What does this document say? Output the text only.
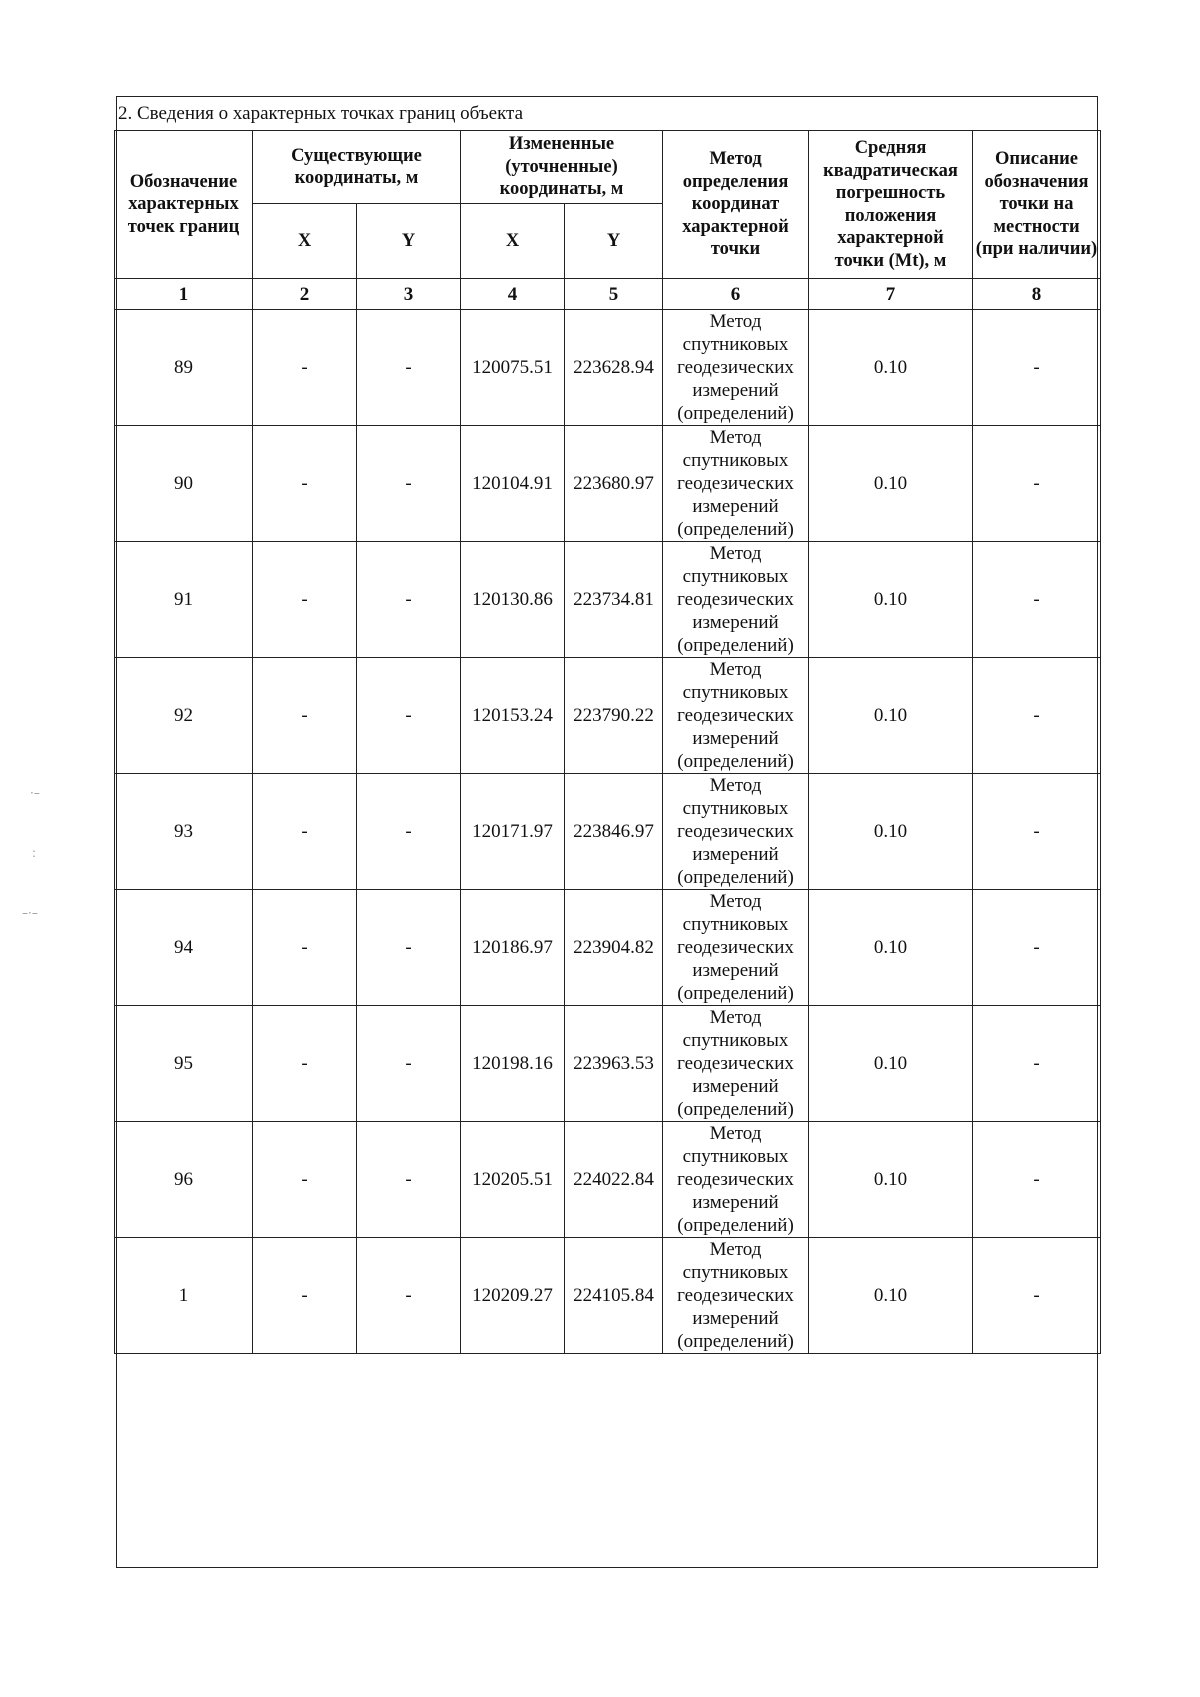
2. Сведения о характерных точках границ объекта
Обозначение характерных точек границ	Существующие координаты, м		Измененные (уточненные) координаты, м		Метод определения координат характерной точки	Средняя квадратическая погрешность положения характерной точки (Mt), м	Описание обозначения точки на местности (при наличии)
	X	Y	X	Y			
1	2	3	4	5	6	7	8
89	-	-	120075.51	223628.94	Метод спутниковых геодезических измерений (определений)	0.10	-
90	-	-	120104.91	223680.97	Метод спутниковых геодезических измерений (определений)	0.10	-
91	-	-	120130.86	223734.81	Метод спутниковых геодезических измерений (определений)	0.10	-
92	-	-	120153.24	223790.22	Метод спутниковых геодезических измерений (определений)	0.10	-
93	-	-	120171.97	223846.97	Метод спутниковых геодезических измерений (определений)	0.10	-
94	-	-	120186.97	223904.82	Метод спутниковых геодезических измерений (определений)	0.10	-
95	-	-	120198.16	223963.53	Метод спутниковых геодезических измерений (определений)	0.10	-
96	-	-	120205.51	224022.84	Метод спутниковых геодезических измерений (определений)	0.10	-
1	-	-	120209.27	224105.84	Метод спутниковых геодезических измерений (определений)	0.10	-
·–
:
–·–
